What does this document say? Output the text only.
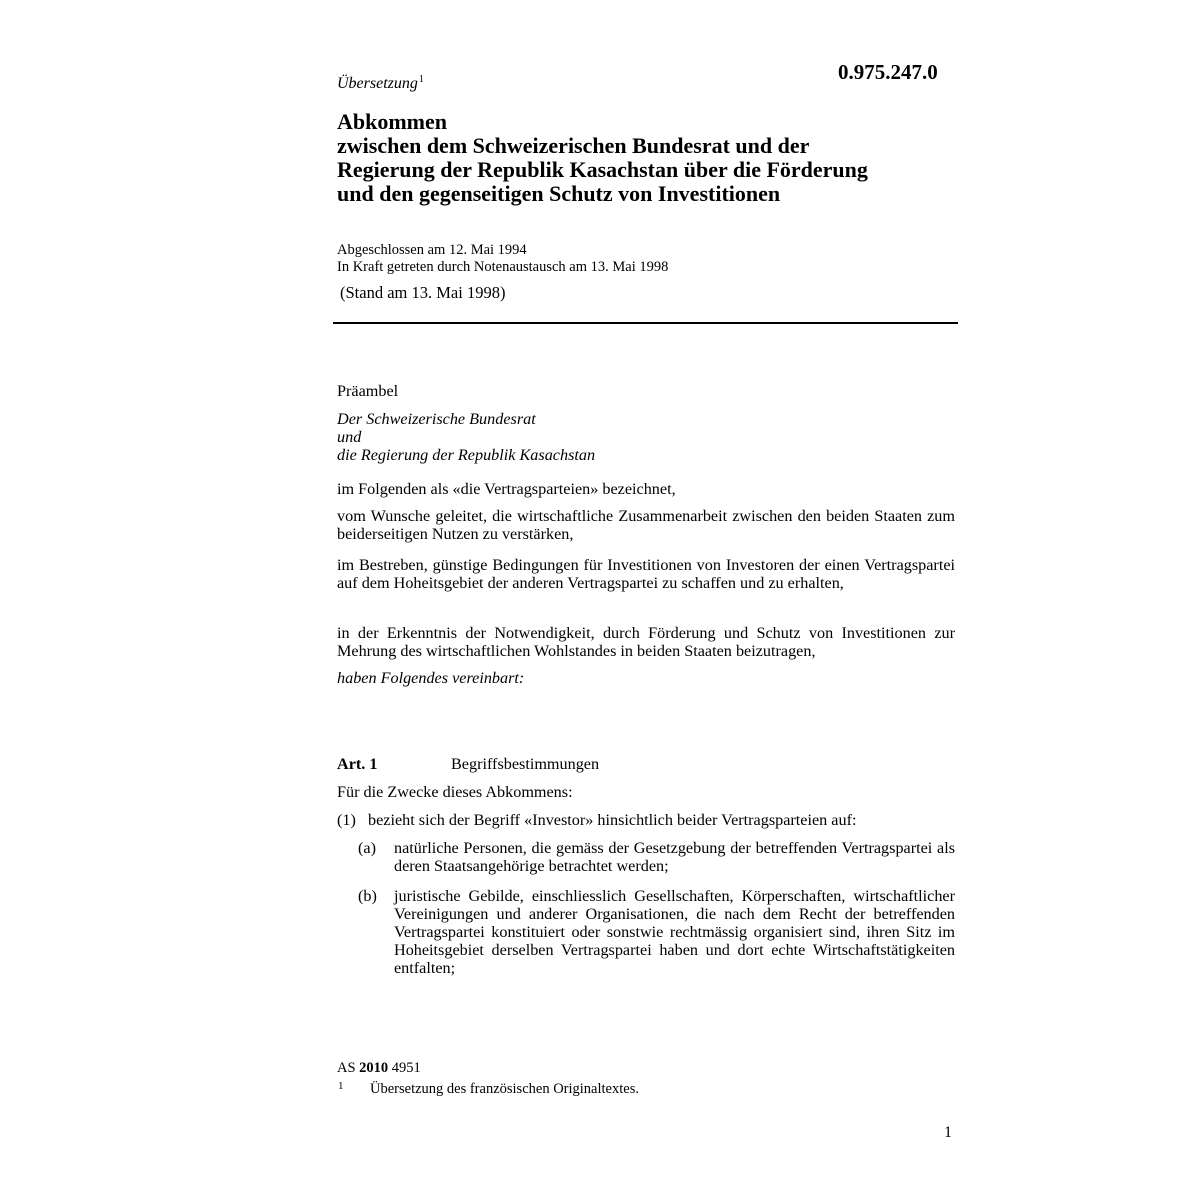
0.975.247.0
Übersetzung$^1$
Abkommen
zwischen dem Schweizerischen Bundesrat und der
Regierung der Republik Kasachstan über die Förderung
und den gegenseitigen Schutz von Investitionen
Abgeschlossen am 12. Mai 1994
In Kraft getreten durch Notenaustausch am 13. Mai 1998
(Stand am 13. Mai 1998)
Präambel
Der Schweizerische Bundesrat
und
die Regierung der Republik Kasachstan
im Folgenden als «die Vertragsparteien» bezeichnet,
vom Wunsche geleitet, die wirtschaftliche Zusammenarbeit zwischen den beiden Staaten zum beiderseitigen Nutzen zu verstärken,
im Bestreben, günstige Bedingungen für Investitionen von Investoren der einen Vertragspartei auf dem Hoheitsgebiet der anderen Vertragspartei zu schaffen und zu erhalten,
in der Erkenntnis der Notwendigkeit, durch Förderung und Schutz von Investitionen zur Mehrung des wirtschaftlichen Wohlstandes in beiden Staaten beizutragen,
haben Folgendes vereinbart:
Art. 1	Begriffsbestimmungen
Für die Zwecke dieses Abkommens:
(1) bezieht sich der Begriff «Investor» hinsichtlich beider Vertragsparteien auf:
(a) natürliche Personen, die gemäss der Gesetzgebung der betreffenden Vertragspartei als deren Staatsangehörige betrachtet werden;
(b) juristische Gebilde, einschliesslich Gesellschaften, Körperschaften, wirtschaftlicher Vereinigungen und anderer Organisationen, die nach dem Recht der betreffenden Vertragspartei konstituiert oder sonstwie rechtmässig organisiert sind, ihren Sitz im Hoheitsgebiet derselben Vertragspartei haben und dort echte Wirtschaftstätigkeiten entfalten;
AS 2010 4951
1 Übersetzung des französischen Originaltextes.
1
